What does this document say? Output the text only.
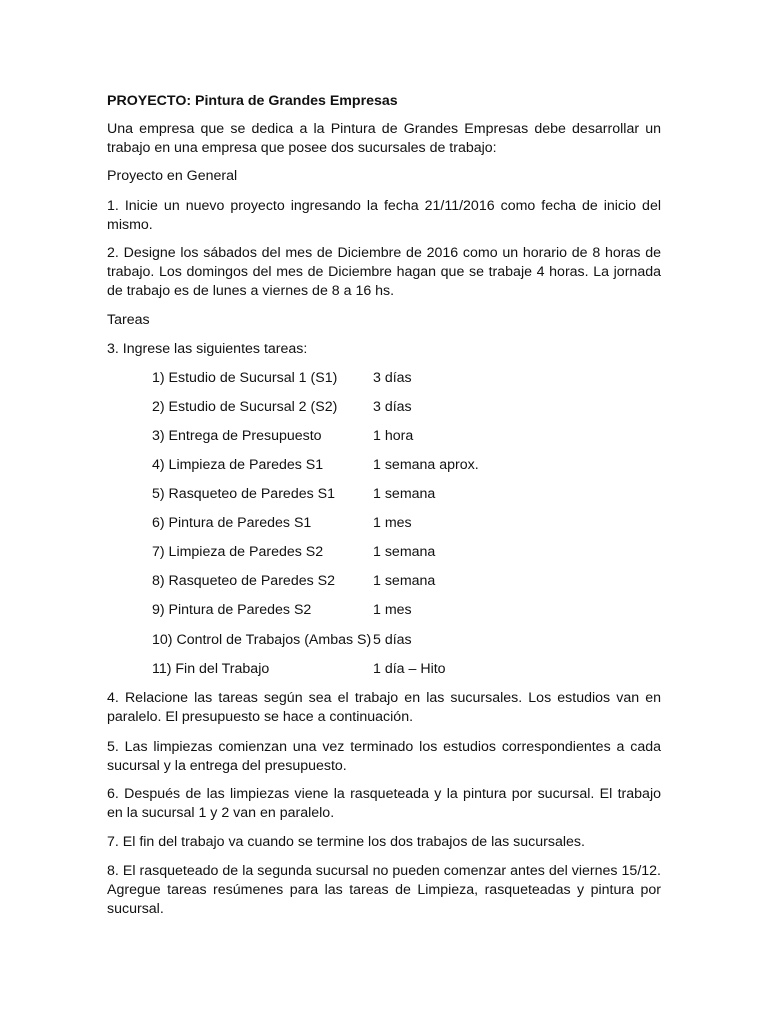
PROYECTO: Pintura de Grandes Empresas
Una empresa que se dedica a la Pintura de Grandes Empresas debe desarrollar un trabajo en una empresa que posee dos sucursales de trabajo:
Proyecto en General
1. Inicie un nuevo proyecto ingresando la fecha 21/11/2016 como fecha de inicio del mismo.
2. Designe los sábados del mes de Diciembre de 2016 como un horario de 8 horas de trabajo. Los domingos del mes de Diciembre hagan que se trabaje 4 horas. La jornada de trabajo es de lunes a viernes de 8 a 16 hs.
Tareas
3. Ingrese las siguientes tareas:
1) Estudio de Sucursal 1 (S1)	3 días
2) Estudio de Sucursal 2 (S2)	3 días
3) Entrega de Presupuesto	1 hora
4) Limpieza de Paredes S1	1 semana aprox.
5) Rasqueteo de Paredes S1	1 semana
6) Pintura de Paredes S1	1 mes
7) Limpieza de Paredes S2	1 semana
8) Rasqueteo de Paredes S2	1 semana
9) Pintura de Paredes S2	1 mes
10) Control de Trabajos (Ambas S) 5 días
11) Fin del Trabajo	1 día – Hito
4. Relacione las tareas según sea el trabajo en las sucursales. Los estudios van en paralelo. El presupuesto se hace a continuación.
5. Las limpiezas comienzan una vez terminado los estudios correspondientes a cada sucursal y la entrega del presupuesto.
6. Después de las limpiezas viene la rasqueteada y la pintura por sucursal. El trabajo en la sucursal 1 y 2 van en paralelo.
7. El fin del trabajo va cuando se termine los dos trabajos de las sucursales.
8. El rasqueteado de la segunda sucursal no pueden comenzar antes del viernes 15/12. Agregue tareas resúmenes para las tareas de Limpieza, rasqueteadas y pintura por sucursal.
